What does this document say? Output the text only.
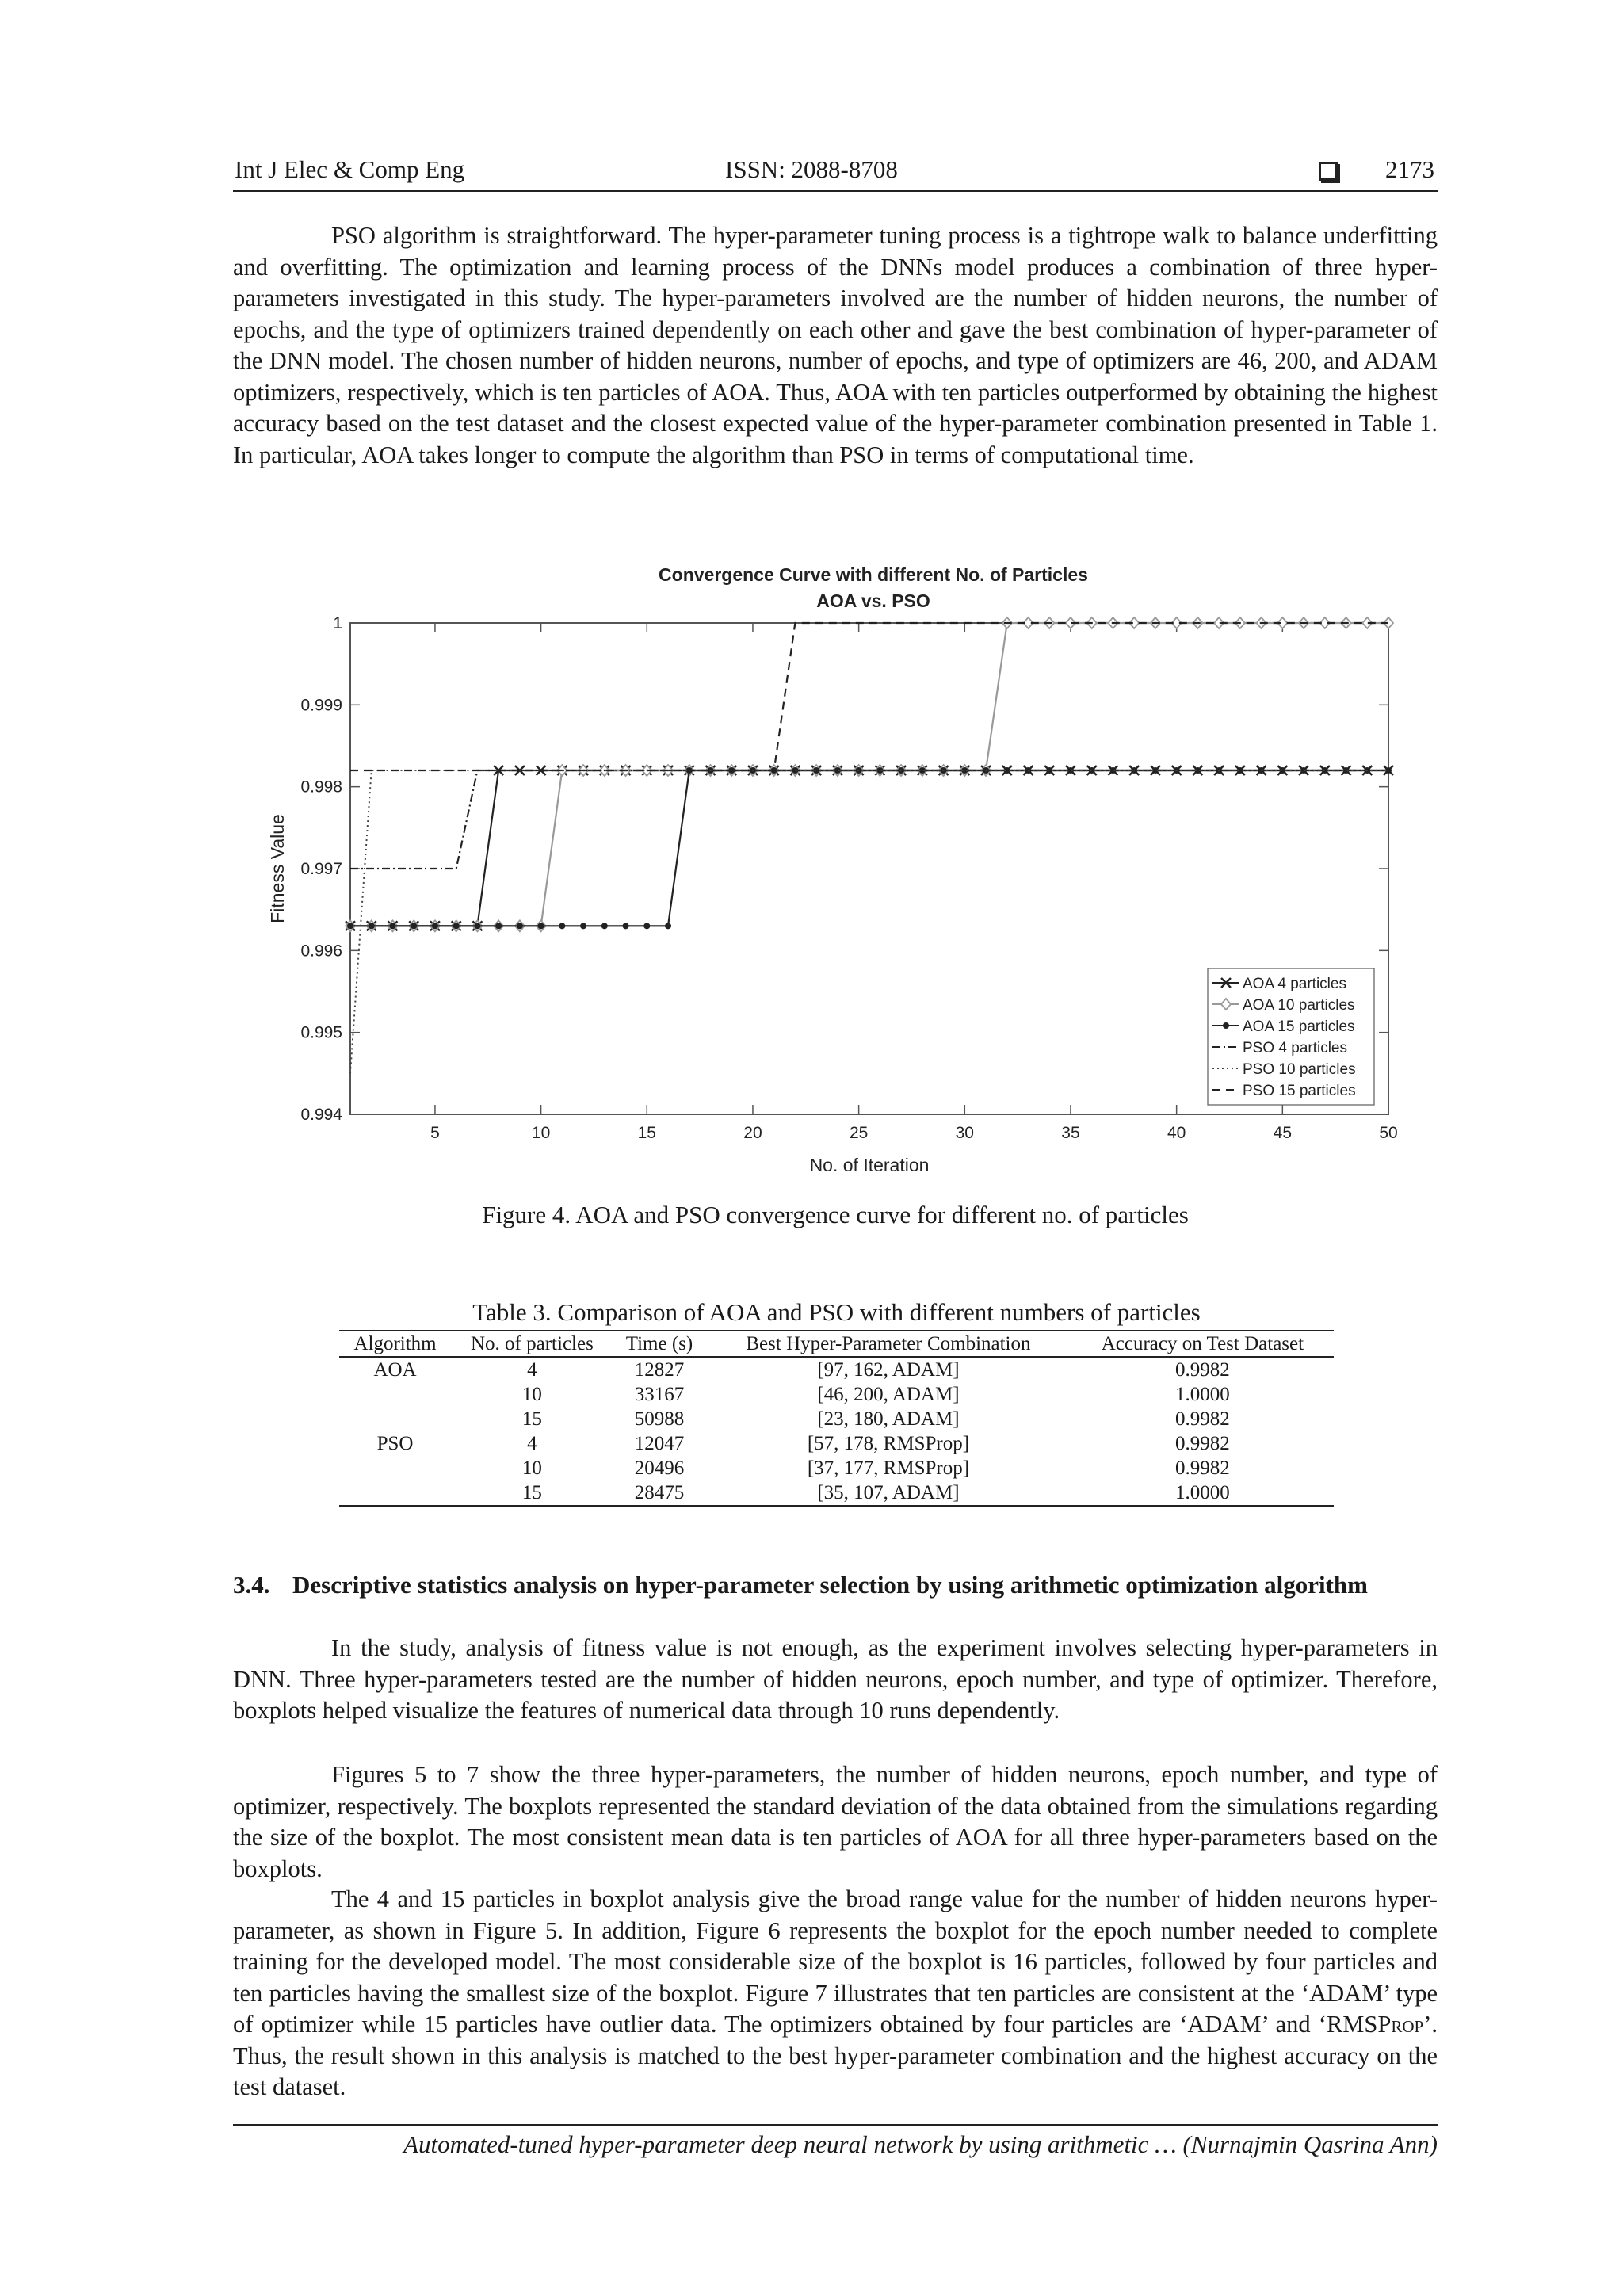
Int J Elec & Comp Eng	ISSN: 2088-8708	2173

PSO algorithm is straightforward. The hyper-parameter tuning process is a tightrope walk to balance underfitting and overfitting. The optimization and learning process of the DNNs model produces a combination of three hyper-parameters investigated in this study. The hyper-parameters involved are the number of hidden neurons, the number of epochs, and the type of optimizers trained dependently on each other and gave the best combination of hyper-parameter of the DNN model. The chosen number of hidden neurons, number of epochs, and type of optimizers are 46, 200, and ADAM optimizers, respectively, which is ten particles of AOA. Thus, AOA with ten particles outperformed by obtaining the highest accuracy based on the test dataset and the closest expected value of the hyper-parameter combination presented in Table 1. In particular, AOA takes longer to compute the algorithm than PSO in terms of computational time.

Convergence Curve with different No. of Particles
AOA vs. PSO
5	10	15	20	25	30	35	40	45	50
0.994
0.995
0.996
0.997
0.998
0.999
1
No. of Iteration
Fitness Value
AOA 4 particles
AOA 10 particles
AOA 15 particles
PSO 4 particles
PSO 10 particles
PSO 15 particles
Figure 4. AOA and PSO convergence curve for different no. of particles
Table 3. Comparison of AOA and PSO with different numbers of particles
Algorithm	No. of particles	Time (s)	Best Hyper-Parameter Combination	Accuracy on Test Dataset
AOA	4	12827	[97, 162, ADAM]	0.9982
	10	33167	[46, 200, ADAM]	1.0000
	15	50988	[23, 180, ADAM]	0.9982
PSO	4	12047	[57, 178, RMSProp]	0.9982
	10	20496	[37, 177, RMSProp]	0.9982
	15	28475	[35, 107, ADAM]	1.0000
3.4. Descriptive statistics analysis on hyper-parameter selection by using arithmetic optimization algorithm

In the study, analysis of fitness value is not enough, as the experiment involves selecting hyper-parameters in DNN. Three hyper-parameters tested are the number of hidden neurons, epoch number, and type of optimizer. Therefore, boxplots helped visualize the features of numerical data through 10 runs dependently.

Figures 5 to 7 show the three hyper-parameters, the number of hidden neurons, epoch number, and type of optimizer, respectively. The boxplots represented the standard deviation of the data obtained from the simulations regarding the size of the boxplot. The most consistent mean data is ten particles of AOA for all three hyper-parameters based on the boxplots.

The 4 and 15 particles in boxplot analysis give the broad range value for the number of hidden neurons hyper-parameter, as shown in Figure 5. In addition, Figure 6 represents the boxplot for the epoch number needed to complete training for the developed model. The most considerable size of the boxplot is 16 particles, followed by four particles and ten particles having the smallest size of the boxplot. Figure 7 illustrates that ten particles are consistent at the ‘ADAM’ type of optimizer while 15 particles have outlier data. The optimizers obtained by four particles are ‘ADAM’ and ‘RMSProp’. Thus, the result shown in this analysis is matched to the best hyper-parameter combination and the highest accuracy on the test dataset.

Automated-tuned hyper-parameter deep neural network by using arithmetic … (Nurnajmin Qasrina Ann)
